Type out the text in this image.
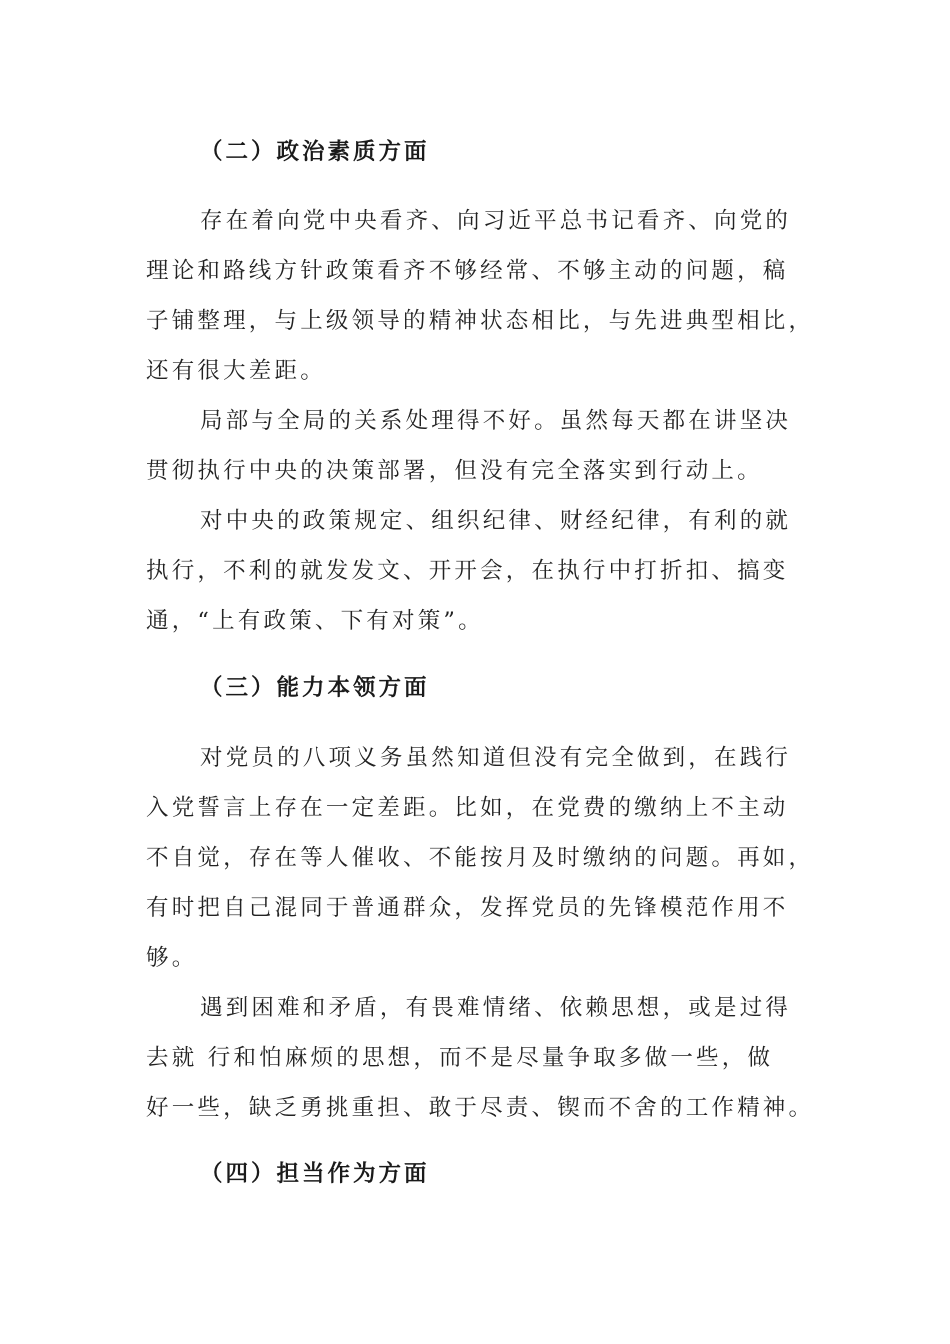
（二）政治素质方面
存在着向党中央看齐、向习近平总书记看齐、向党的
理论和路线方针政策看齐不够经常、不够主动的问题，稿
子铺整理，与上级领导的精神状态相比，与先进典型相比，
还有很大差距。
局部与全局的关系处理得不好。虽然每天都在讲坚决
贯彻执行中央的决策部署，但没有完全落实到行动上。
对中央的政策规定、组织纪律、财经纪律，有利的就
执行，不利的就发发文、开开会，在执行中打折扣、搞变
通，“上有政策、下有对策”。
（三）能力本领方面
对党员的八项义务虽然知道但没有完全做到，在践行
入党誓言上存在一定差距。比如，在党费的缴纳上不主动
不自觉，存在等人催收、不能按月及时缴纳的问题。再如，
有时把自己混同于普通群众，发挥党员的先锋模范作用不
够。
遇到困难和矛盾，有畏难情绪、依赖思想，或是过得
去就 行和怕麻烦的思想，而不是尽量争取多做一些，做
好一些，缺乏勇挑重担、敢于尽责、锲而不舍的工作精神。
（四）担当作为方面
